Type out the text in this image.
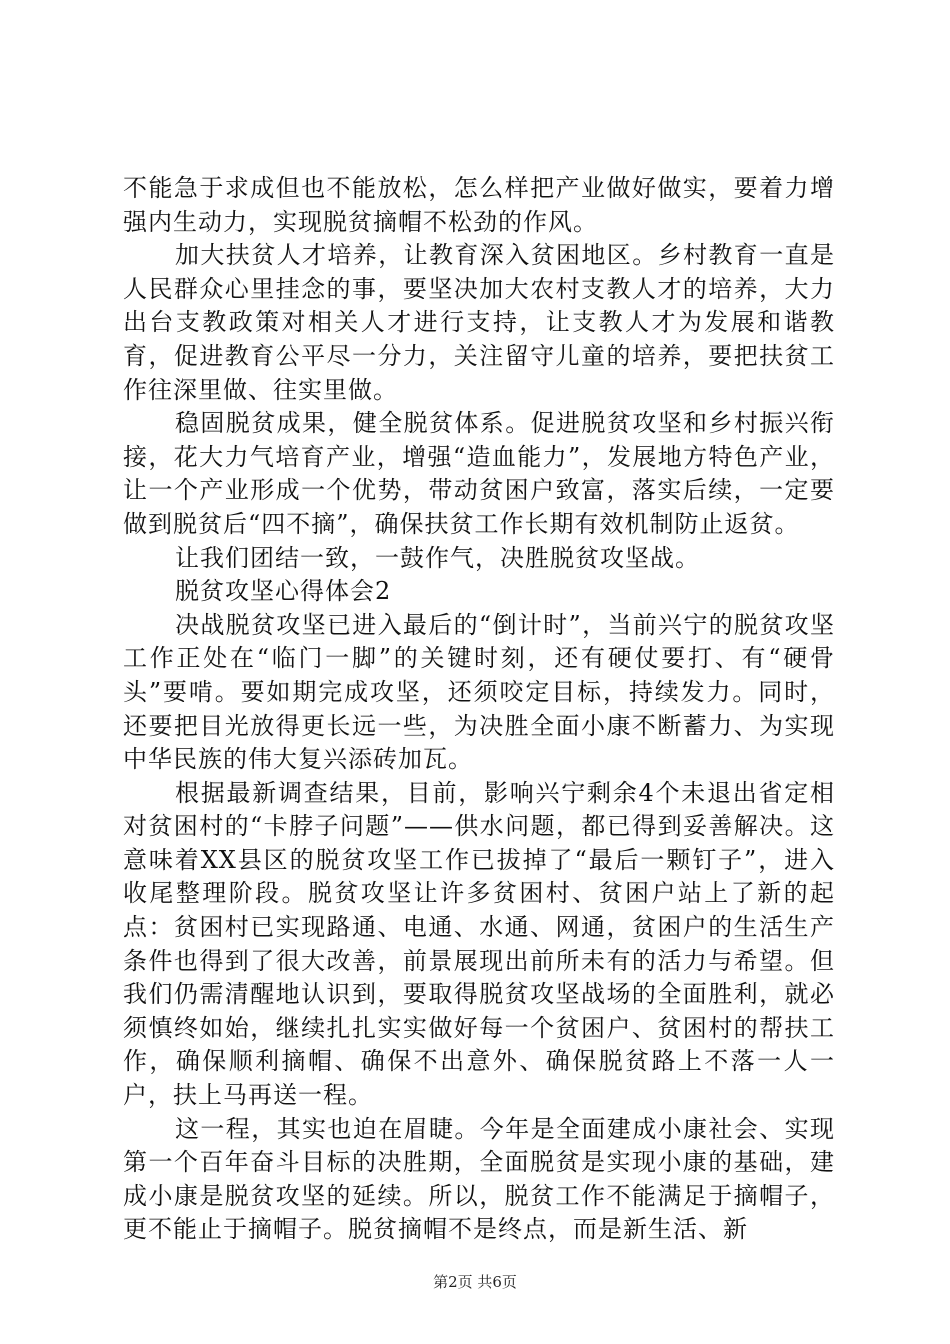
不能急于求成但也不能放松，怎么样把产业做好做实，要着力增强内生动力，实现脱贫摘帽不松劲的作风。

加大扶贫人才培养，让教育深入贫困地区。乡村教育一直是人民群众心里挂念的事，要坚决加大农村支教人才的培养，大力出台支教政策对相关人才进行支持，让支教人才为发展和谐教育，促进教育公平尽一分力，关注留守儿童的培养，要把扶贫工作往深里做、往实里做。

稳固脱贫成果，健全脱贫体系。促进脱贫攻坚和乡村振兴衔接，花大力气培育产业，增强“造血能力”，发展地方特色产业，让一个产业形成一个优势，带动贫困户致富，落实后续，一定要做到脱贫后“四不摘”，确保扶贫工作长期有效机制防止返贫。

让我们团结一致，一鼓作气，决胜脱贫攻坚战。

脱贫攻坚心得体会2

决战脱贫攻坚已进入最后的“倒计时”，当前兴宁的脱贫攻坚工作正处在“临门一脚”的关键时刻，还有硬仗要打、有“硬骨头”要啃。要如期完成攻坚，还须咬定目标，持续发力。同时，还要把目光放得更长远一些，为决胜全面小康不断蓄力、为实现中华民族的伟大复兴添砖加瓦。

根据最新调查结果，目前，影响兴宁剩余4个未退出省定相对贫困村的“卡脖子问题”——供水问题，都已得到妥善解决。这意味着XX县区的脱贫攻坚工作已拔掉了“最后一颗钉子”，进入收尾整理阶段。脱贫攻坚让许多贫困村、贫困户站上了新的起点：贫困村已实现路通、电通、水通、网通，贫困户的生活生产条件也得到了很大改善，前景展现出前所未有的活力与希望。但我们仍需清醒地认识到，要取得脱贫攻坚战场的全面胜利，就必须慎终如始，继续扎扎实实做好每一个贫困户、贫困村的帮扶工作，确保顺利摘帽、确保不出意外、确保脱贫路上不落一人一户，扶上马再送一程。

这一程，其实也迫在眉睫。今年是全面建成小康社会、实现第一个百年奋斗目标的决胜期，全面脱贫是实现小康的基础，建成小康是脱贫攻坚的延续。所以，脱贫工作不能满足于摘帽子，更不能止于摘帽子。脱贫摘帽不是终点，而是新生活、新

第2页 共6页
